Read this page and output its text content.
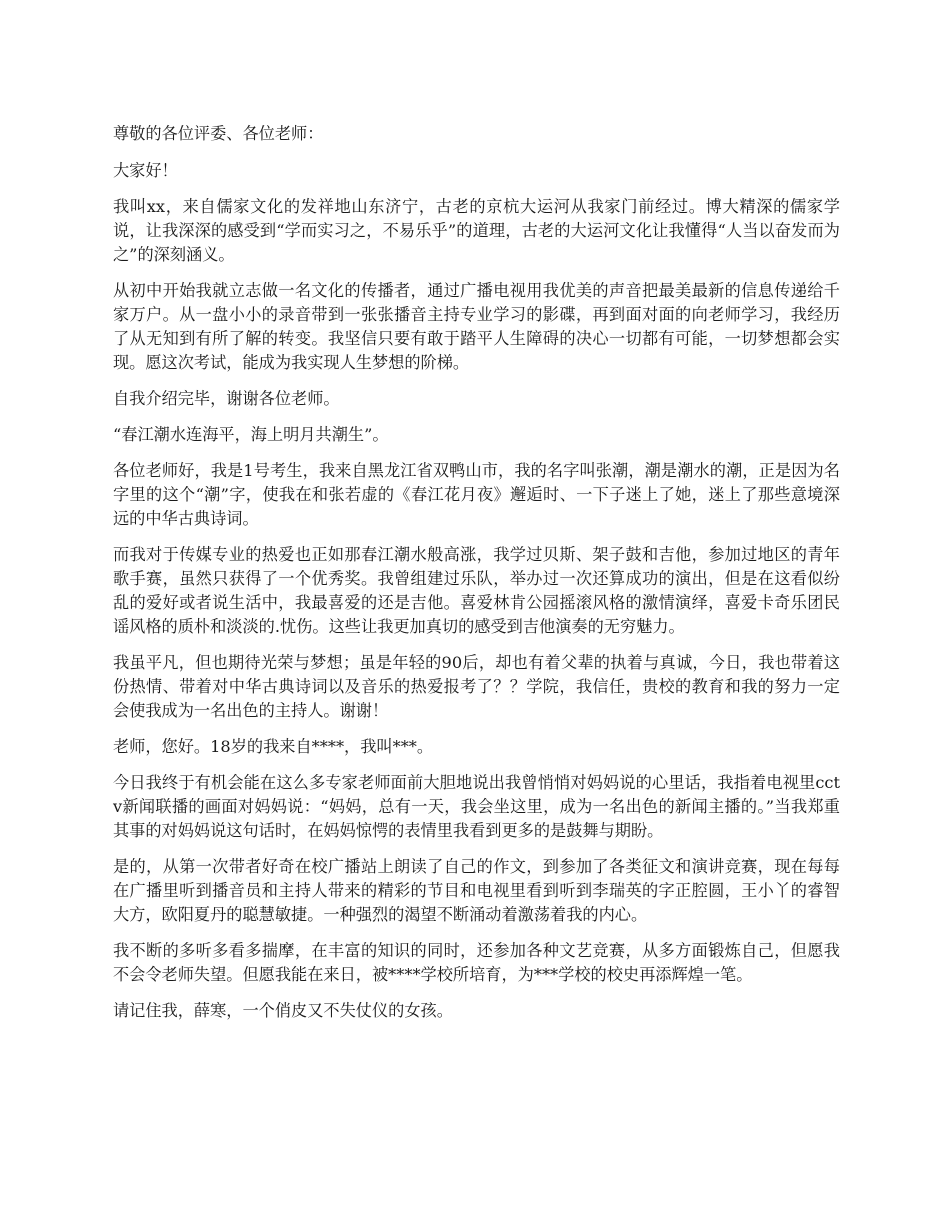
尊敬的各位评委、各位老师：

大家好！

我叫xx，来自儒家文化的发祥地山东济宁，古老的京杭大运河从我家门前经过。博大精深的儒家学说，让我深深的感受到“学而实习之，不易乐乎”的道理，古老的大运河文化让我懂得“人当以奋发而为之”的深刻涵义。

从初中开始我就立志做一名文化的传播者，通过广播电视用我优美的声音把最美最新的信息传递给千家万户。从一盘小小的录音带到一张张播音主持专业学习的影碟，再到面对面的向老师学习，我经历了从无知到有所了解的转变。我坚信只要有敢于踏平人生障碍的决心一切都有可能，一切梦想都会实现。愿这次考试，能成为我实现人生梦想的阶梯。

自我介绍完毕，谢谢各位老师。

“春江潮水连海平，海上明月共潮生”。

各位老师好，我是1号考生，我来自黑龙江省双鸭山市，我的名字叫张潮，潮是潮水的潮，正是因为名字里的这个“潮”字，使我在和张若虚的《春江花月夜》邂逅时、一下子迷上了她，迷上了那些意境深远的中华古典诗词。

而我对于传媒专业的热爱也正如那春江潮水般高涨，我学过贝斯、架子鼓和吉他，参加过地区的青年歌手赛，虽然只获得了一个优秀奖。我曾组建过乐队，举办过一次还算成功的演出，但是在这看似纷乱的爱好或者说生活中，我最喜爱的还是吉他。喜爱林肯公园摇滚风格的激情演绎，喜爱卡奇乐团民谣风格的质朴和淡淡的.忧伤。这些让我更加真切的感受到吉他演奏的无穷魅力。

我虽平凡，但也期待光荣与梦想；虽是年轻的90后，却也有着父辈的执着与真诚，今日，我也带着这份热情、带着对中华古典诗词以及音乐的热爱报考了？？学院，我信任，贵校的教育和我的努力一定会使我成为一名出色的主持人。谢谢！

老师，您好。18岁的我来自****，我叫***。

今日我终于有机会能在这么多专家老师面前大胆地说出我曾悄悄对妈妈说的心里话，我指着电视里cctv新闻联播的画面对妈妈说：“妈妈，总有一天，我会坐这里，成为一名出色的新闻主播的。”当我郑重其事的对妈妈说这句话时，在妈妈惊愕的表情里我看到更多的是鼓舞与期盼。

是的，从第一次带者好奇在校广播站上朗读了自己的作文，到参加了各类征文和演讲竞赛，现在每每在广播里听到播音员和主持人带来的精彩的节目和电视里看到听到李瑞英的字正腔圆，王小丫的睿智大方，欧阳夏丹的聪慧敏捷。一种强烈的渴望不断涌动着激荡着我的内心。

我不断的多听多看多揣摩，在丰富的知识的同时，还参加各种文艺竞赛，从多方面锻炼自己，但愿我不会令老师失望。但愿我能在来日，被****学校所培育，为***学校的校史再添辉煌一笔。

请记住我，薛寒，一个俏皮又不失仗仪的女孩。
